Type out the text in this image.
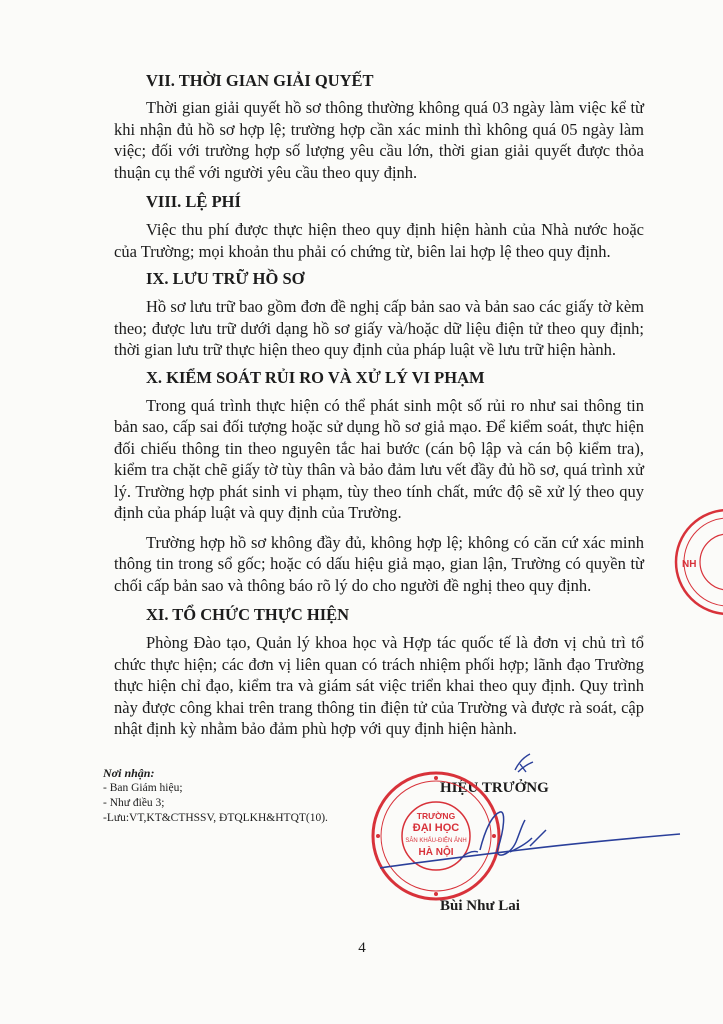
VII. THỜI GIAN GIẢI QUYẾT

Thời gian giải quyết hồ sơ thông thường không quá 03 ngày làm việc kể từ khi nhận đủ hồ sơ hợp lệ; trường hợp cần xác minh thì không quá 05 ngày làm việc; đối với trường hợp số lượng yêu cầu lớn, thời gian giải quyết được thỏa thuận cụ thể với người yêu cầu theo quy định.

VIII. LỆ PHÍ

Việc thu phí được thực hiện theo quy định hiện hành của Nhà nước hoặc của Trường; mọi khoản thu phải có chứng từ, biên lai hợp lệ theo quy định.

IX. LƯU TRỮ HỒ SƠ

Hồ sơ lưu trữ bao gồm đơn đề nghị cấp bản sao và bản sao các giấy tờ kèm theo; được lưu trữ dưới dạng hồ sơ giấy và/hoặc dữ liệu điện tử theo quy định; thời gian lưu trữ thực hiện theo quy định của pháp luật về lưu trữ hiện hành.

X. KIỂM SOÁT RỦI RO VÀ XỬ LÝ VI PHẠM

Trong quá trình thực hiện có thể phát sinh một số rủi ro như sai thông tin bản sao, cấp sai đối tượng hoặc sử dụng hồ sơ giả mạo. Để kiểm soát, thực hiện đối chiếu thông tin theo nguyên tắc hai bước (cán bộ lập và cán bộ kiểm tra), kiểm tra chặt chẽ giấy tờ tùy thân và bảo đảm lưu vết đầy đủ hồ sơ, quá trình xử lý. Trường hợp phát sinh vi phạm, tùy theo tính chất, mức độ sẽ xử lý theo quy định của pháp luật và quy định của Trường.

Trường hợp hồ sơ không đầy đủ, không hợp lệ; không có căn cứ xác minh thông tin trong sổ gốc; hoặc có dấu hiệu giả mạo, gian lận, Trường có quyền từ chối cấp bản sao và thông báo rõ lý do cho người đề nghị theo quy định.

XI. TỔ CHỨC THỰC HIỆN

Phòng Đào tạo, Quản lý khoa học và Hợp tác quốc tế là đơn vị chủ trì tổ chức thực hiện; các đơn vị liên quan có trách nhiệm phối hợp; lãnh đạo Trường thực hiện chỉ đạo, kiểm tra và giám sát việc triển khai theo quy định. Quy trình này được công khai trên trang thông tin điện tử của Trường và được rà soát, cập nhật định kỳ nhằm bảo đảm phù hợp với quy định hiện hành.

Nơi nhận:
- Ban Giám hiệu;
- Như điều 3;
-Lưu:VT,KT&CTHSSV, ĐTQLKH&HTQT(10).
NH
HIỆU TRƯỞNG
TRƯỜNG
ĐẠI HỌC
SÂN KHẤU-ĐIỆN ẢNH
HÀ NỘI
Bùi Như Lai
4
